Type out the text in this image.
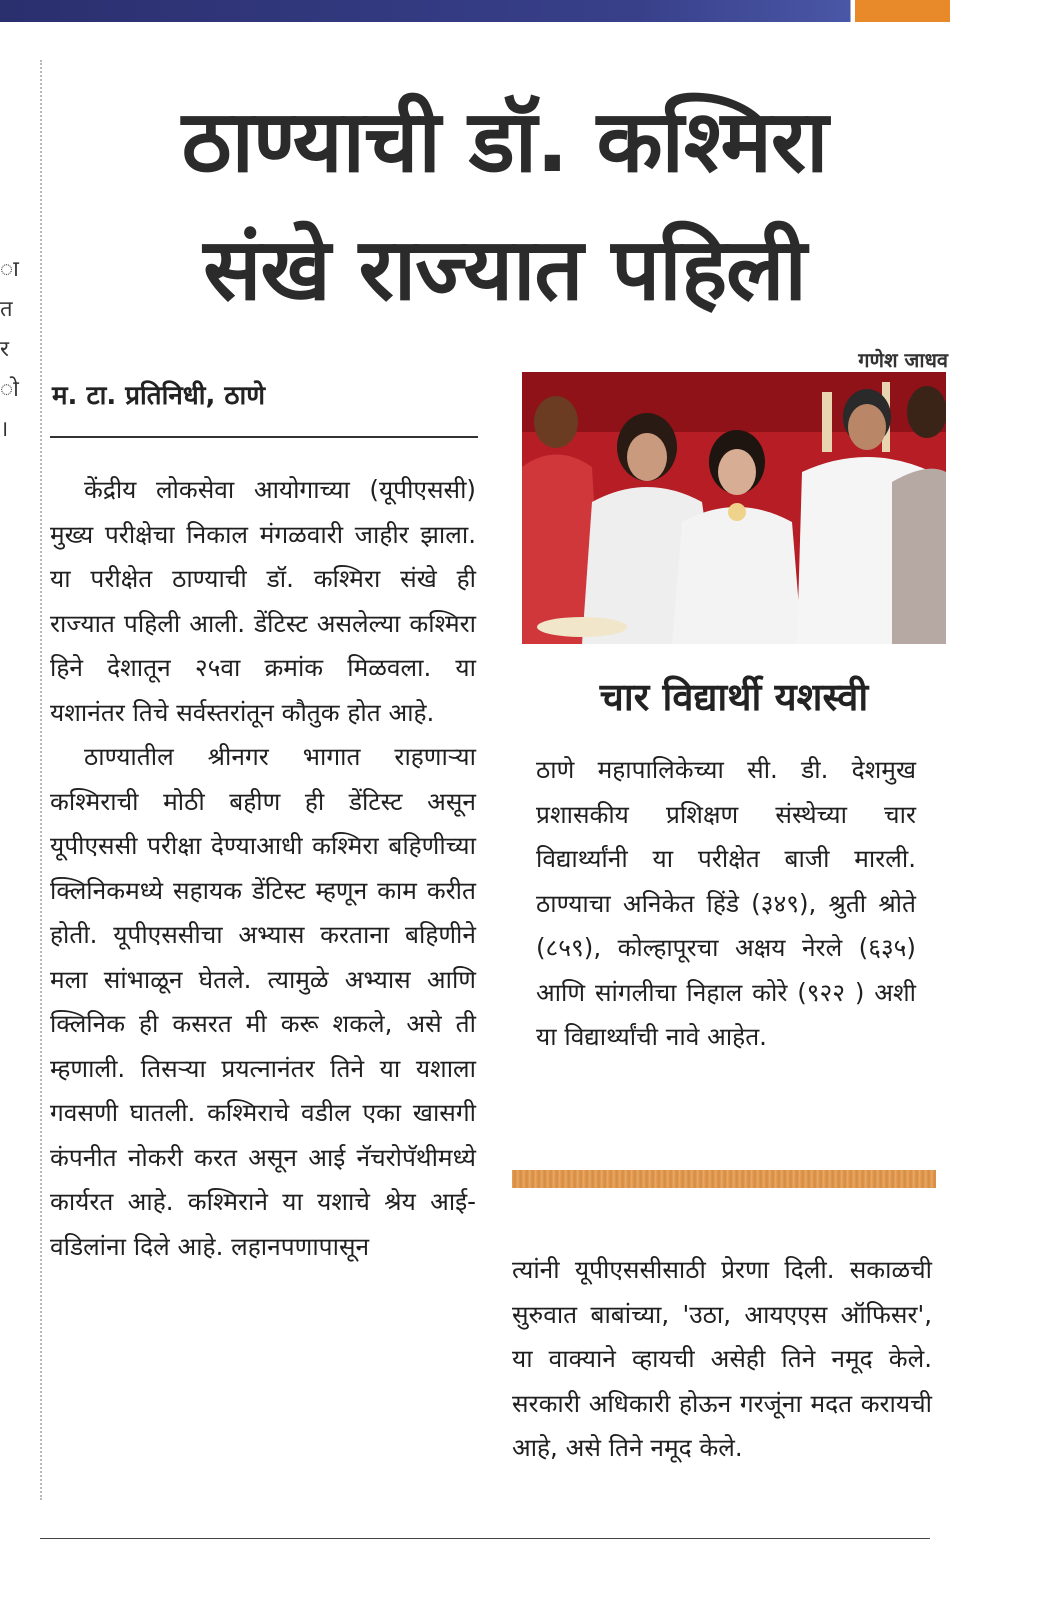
ा
त
र
ो
।
ठाण्याची डॉ. कश्मिरा
संखे राज्यात पहिली
गणेश जाधव
म. टा. प्रतिनिधी, ठाणे

केंद्रीय लोकसेवा आयोगाच्या (यूपीएससी) मुख्य परीक्षेचा निकाल मंगळवारी जाहीर झाला. या परीक्षेत ठाण्याची डॉ. कश्मिरा संखे ही राज्यात पहिली आली. डेंटिस्ट असलेल्या कश्मिरा हिने देशातून २५वा क्रमांक मिळवला. या यशानंतर तिचे सर्वस्तरांतून कौतुक होत आहे.

ठाण्यातील श्रीनगर भागात राहणाऱ्या कश्मिराची मोठी बहीण ही डेंटिस्ट असून यूपीएससी परीक्षा देण्याआधी कश्मिरा बहिणीच्या क्लिनिकमध्ये सहायक डेंटिस्ट म्हणून काम करीत होती. यूपीएससीचा अभ्यास करताना बहिणीने मला सांभाळून घेतले. त्यामुळे अभ्यास आणि क्लिनिक ही कसरत मी करू शकले, असे ती म्हणाली. तिसऱ्या प्रयत्नानंतर तिने या यशाला गवसणी घातली. कश्मिराचे वडील एका खासगी कंपनीत नोकरी करत असून आई नॅचरोपॅथीमध्ये कार्यरत आहे. कश्मिराने या यशाचे श्रेय आई-वडिलांना दिले आहे. लहानपणापासून

चार विद्यार्थी यशस्वी

ठाणे महापालिकेच्या सी. डी. देशमुख प्रशासकीय प्रशिक्षण संस्थेच्या चार विद्यार्थ्यांनी या परीक्षेत बाजी मारली. ठाण्याचा अनिकेत हिंडे (३४९), श्रुती श्रोते (८५९), कोल्हापूरचा अक्षय नेरले (६३५) आणि सांगलीचा निहाल कोरे (९२२ ) अशी या विद्यार्थ्यांची नावे आहेत.

त्यांनी यूपीएससीसाठी प्रेरणा दिली. सकाळची सुरुवात बाबांच्या, 'उठा, आयएएस ऑफिसर', या वाक्याने व्हायची असेही तिने नमूद केले. सरकारी अधिकारी होऊन गरजूंना मदत करायची आहे, असे तिने नमूद केले.
